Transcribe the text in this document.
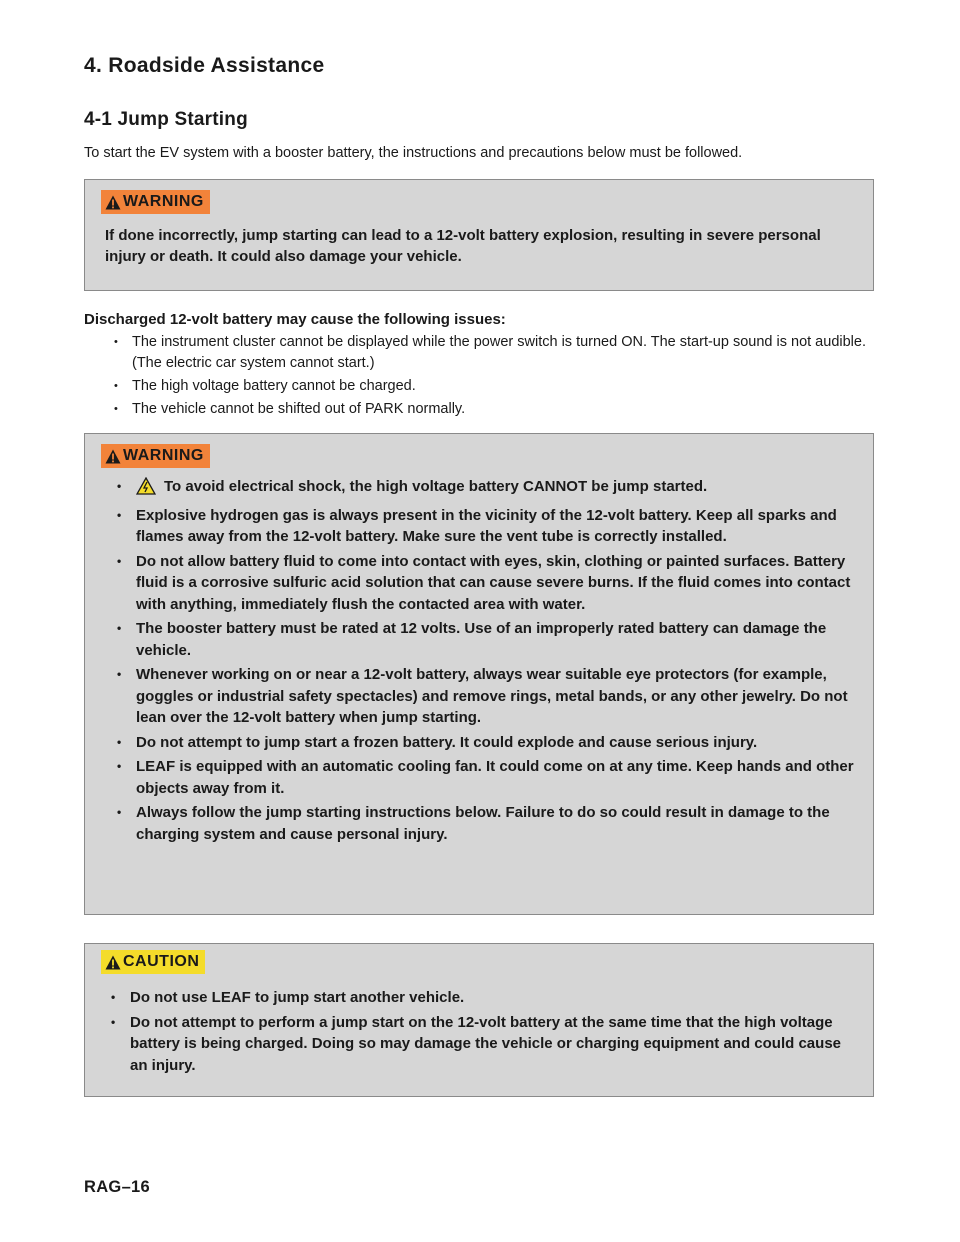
4. Roadside Assistance
4-1 Jump Starting
To start the EV system with a booster battery, the instructions and precautions below must be followed.
WARNING
If done incorrectly, jump starting can lead to a 12-volt battery explosion, resulting in severe personal injury or death. It could also damage your vehicle.
Discharged 12-volt battery may cause the following issues:
• The instrument cluster cannot be displayed while the power switch is turned ON. The start-up sound is not audible. (The electric car system cannot start.)
• The high voltage battery cannot be charged.
• The vehicle cannot be shifted out of PARK normally.
WARNING
• To avoid electrical shock, the high voltage battery CANNOT be jump started.
• Explosive hydrogen gas is always present in the vicinity of the 12-volt battery. Keep all sparks and flames away from the 12-volt battery. Make sure the vent tube is correctly installed.
• Do not allow battery fluid to come into contact with eyes, skin, clothing or painted surfaces. Battery fluid is a corrosive sulfuric acid solution that can cause severe burns. If the fluid comes into contact with anything, immediately flush the contacted area with water.
• The booster battery must be rated at 12 volts. Use of an improperly rated battery can damage the vehicle.
• Whenever working on or near a 12-volt battery, always wear suitable eye protectors (for example, goggles or industrial safety spectacles) and remove rings, metal bands, or any other jewelry. Do not lean over the 12-volt battery when jump starting.
• Do not attempt to jump start a frozen battery. It could explode and cause serious injury.
• LEAF is equipped with an automatic cooling fan. It could come on at any time. Keep hands and other objects away from it.
• Always follow the jump starting instructions below. Failure to do so could result in damage to the charging system and cause personal injury.
CAUTION
• Do not use LEAF to jump start another vehicle.
• Do not attempt to perform a jump start on the 12-volt battery at the same time that the high voltage battery is being charged. Doing so may damage the vehicle or charging equipment and could cause an injury.
RAG–16
